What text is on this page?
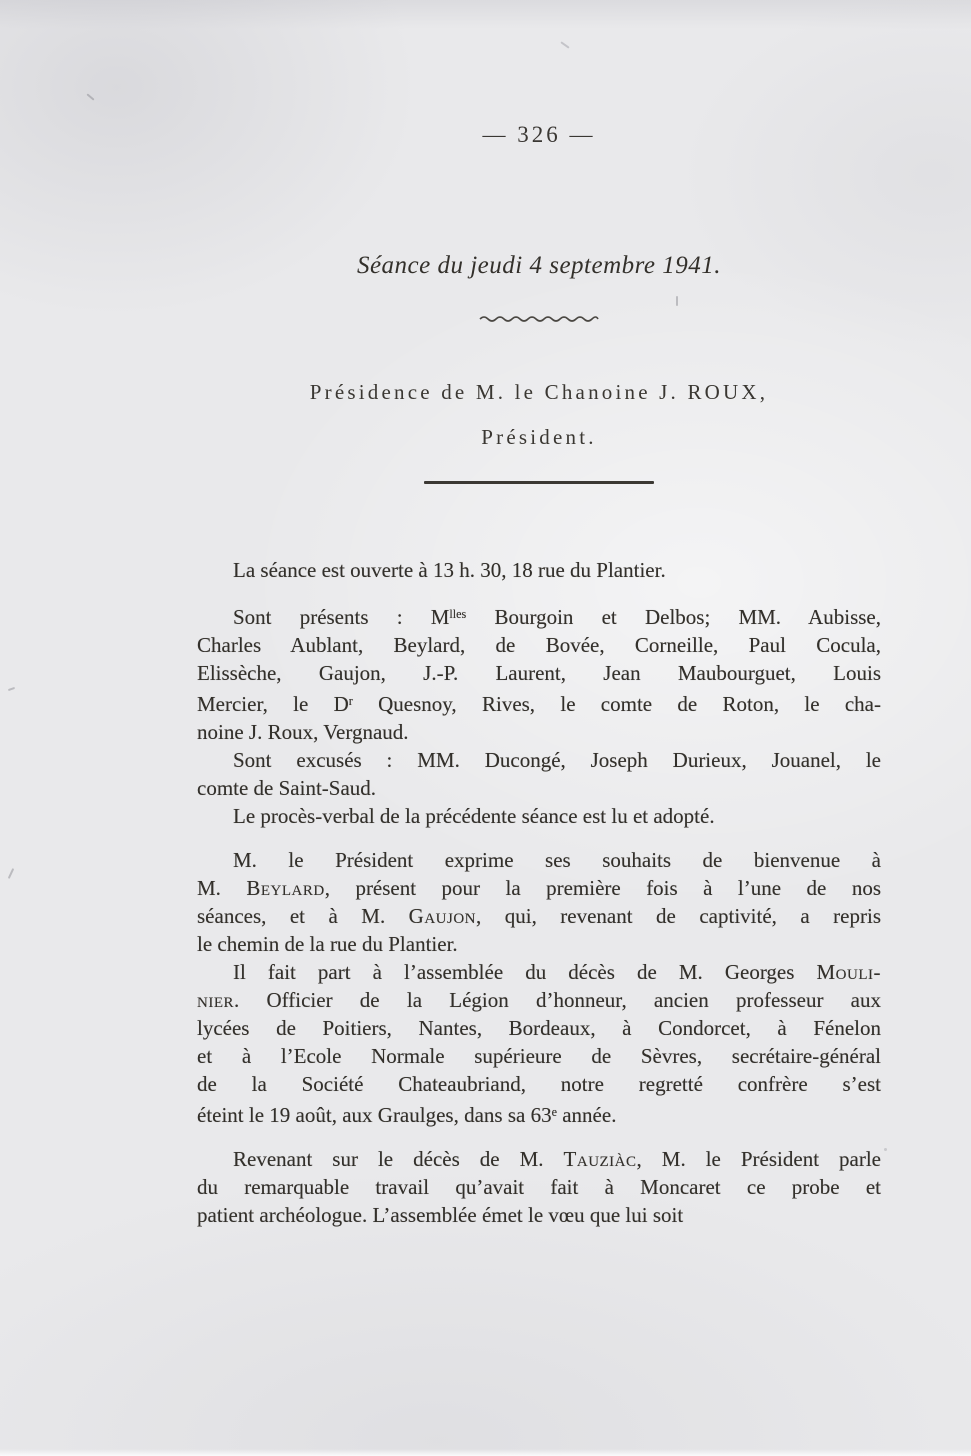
— 326 —
Séance du jeudi 4 septembre 1941.
Présidence de M. le Chanoine J. ROUX,
Président.
La séance est ouverte à 13 h. 30, 18 rue du Plantier.
Sont présents : $M^{lles}$ Bourgoin et Delbos; MM. Aubisse,
Charles Aublant, Beylard, de Bovée, Corneille, Paul Cocula,
Elissèche, Gaujon, J.-P. Laurent, Jean Maubourguet, Louis
Mercier, le $D^r$ Quesnoy, Rives, le comte de Roton, le cha-
noine J. Roux, Vergnaud.
Sont excusés : MM. Ducongé, Joseph Durieux, Jouanel, le
comte de Saint-Saud.
Le procès-verbal de la précédente séance est lu et adopté.
M. le Président exprime ses souhaits de bienvenue à
M. Beylard, présent pour la première fois à l’une de nos
séances, et à M. Gaujon, qui, revenant de captivité, a repris
le chemin de la rue du Plantier.
Il fait part à l’assemblée du décès de M. Georges Mouli-
nier. Officier de la Légion d’honneur, ancien professeur aux
lycées de Poitiers, Nantes, Bordeaux, à Condorcet, à Fénelon
et à l’Ecole Normale supérieure de Sèvres, secrétaire-général
de la Société Chateaubriand, notre regretté confrère s’est
éteint le 19 août, aux Graulges, dans sa 63e année.
Revenant sur le décès de M. Tauziàc, M. le Président parle
du remarquable travail qu’avait fait à Moncaret ce probe et
patient archéologue. L’assemblée émet le vœu que lui soit
